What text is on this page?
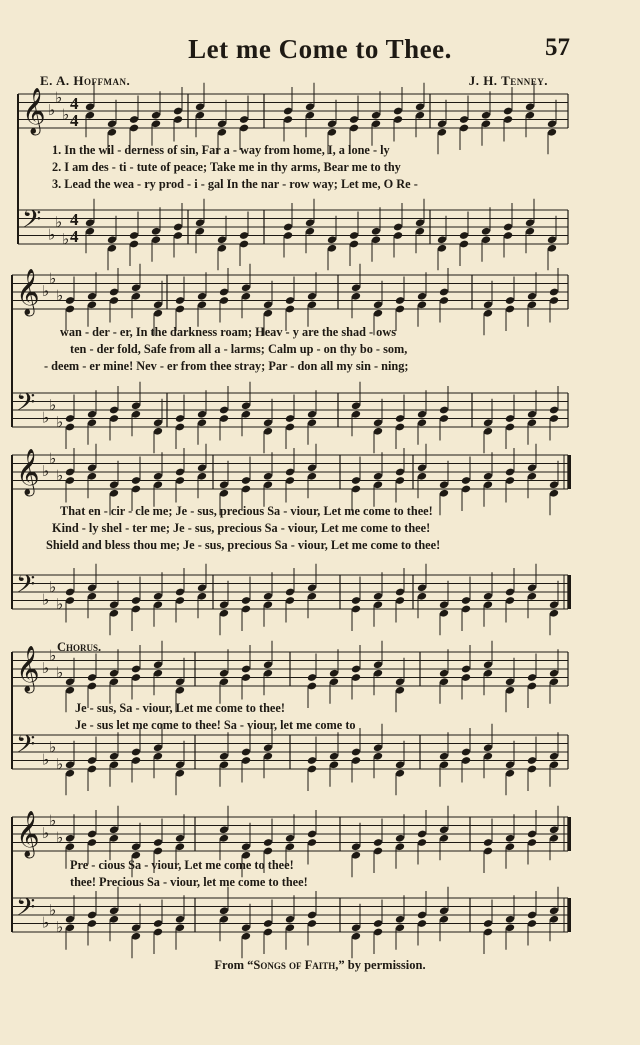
Let me Come to Thee.	57
E. A. Hoffman.	J. H. Tenney.
𝄞 ♭
♭
♭
4
4
𝄢 ♭
♭
♭
4
4
𝄞 ♭
♭
♭
𝄢 ♭
♭
♭
𝄞 ♭
♭
♭
𝄢 ♭
♭
♭
𝄞 ♭
♭
♭
𝄢 ♭
♭
♭
𝄞 ♭
♭
♭
𝄢 ♭
♭
♭
1. In the wil - derness of sin, Far a - way from home, I, a lone - ly
2. I am des - ti - tute of peace; Take me in thy arms, Bear me to thy
3. Lead the wea - ry prod - i - gal In the nar - row way; Let me, O Re -
wan - der - er, In the darkness roam; Heav - y are the shad - ows
ten - der fold, Safe from all a - larms; Calm up - on thy bo - som,
- deem - er mine! Nev - er from thee stray; Par - don all my sin - ning;
That en - cir - cle me; Je - sus, precious Sa - viour, Let me come to thee!
Kind - ly shel - ter me; Je - sus, precious Sa - viour, Let me come to thee!
Shield and bless thou me; Je - sus, precious Sa - viour, Let me come to thee!
Chorus.
Je - sus, Sa - viour, Let me come to thee!
Je - sus let me come to thee! Sa - viour, let me come to
Pre - cious Sa - viour, Let me come to thee!
thee! Precious Sa - viour, let me come to thee!
From “Songs of Faith,” by permission.
